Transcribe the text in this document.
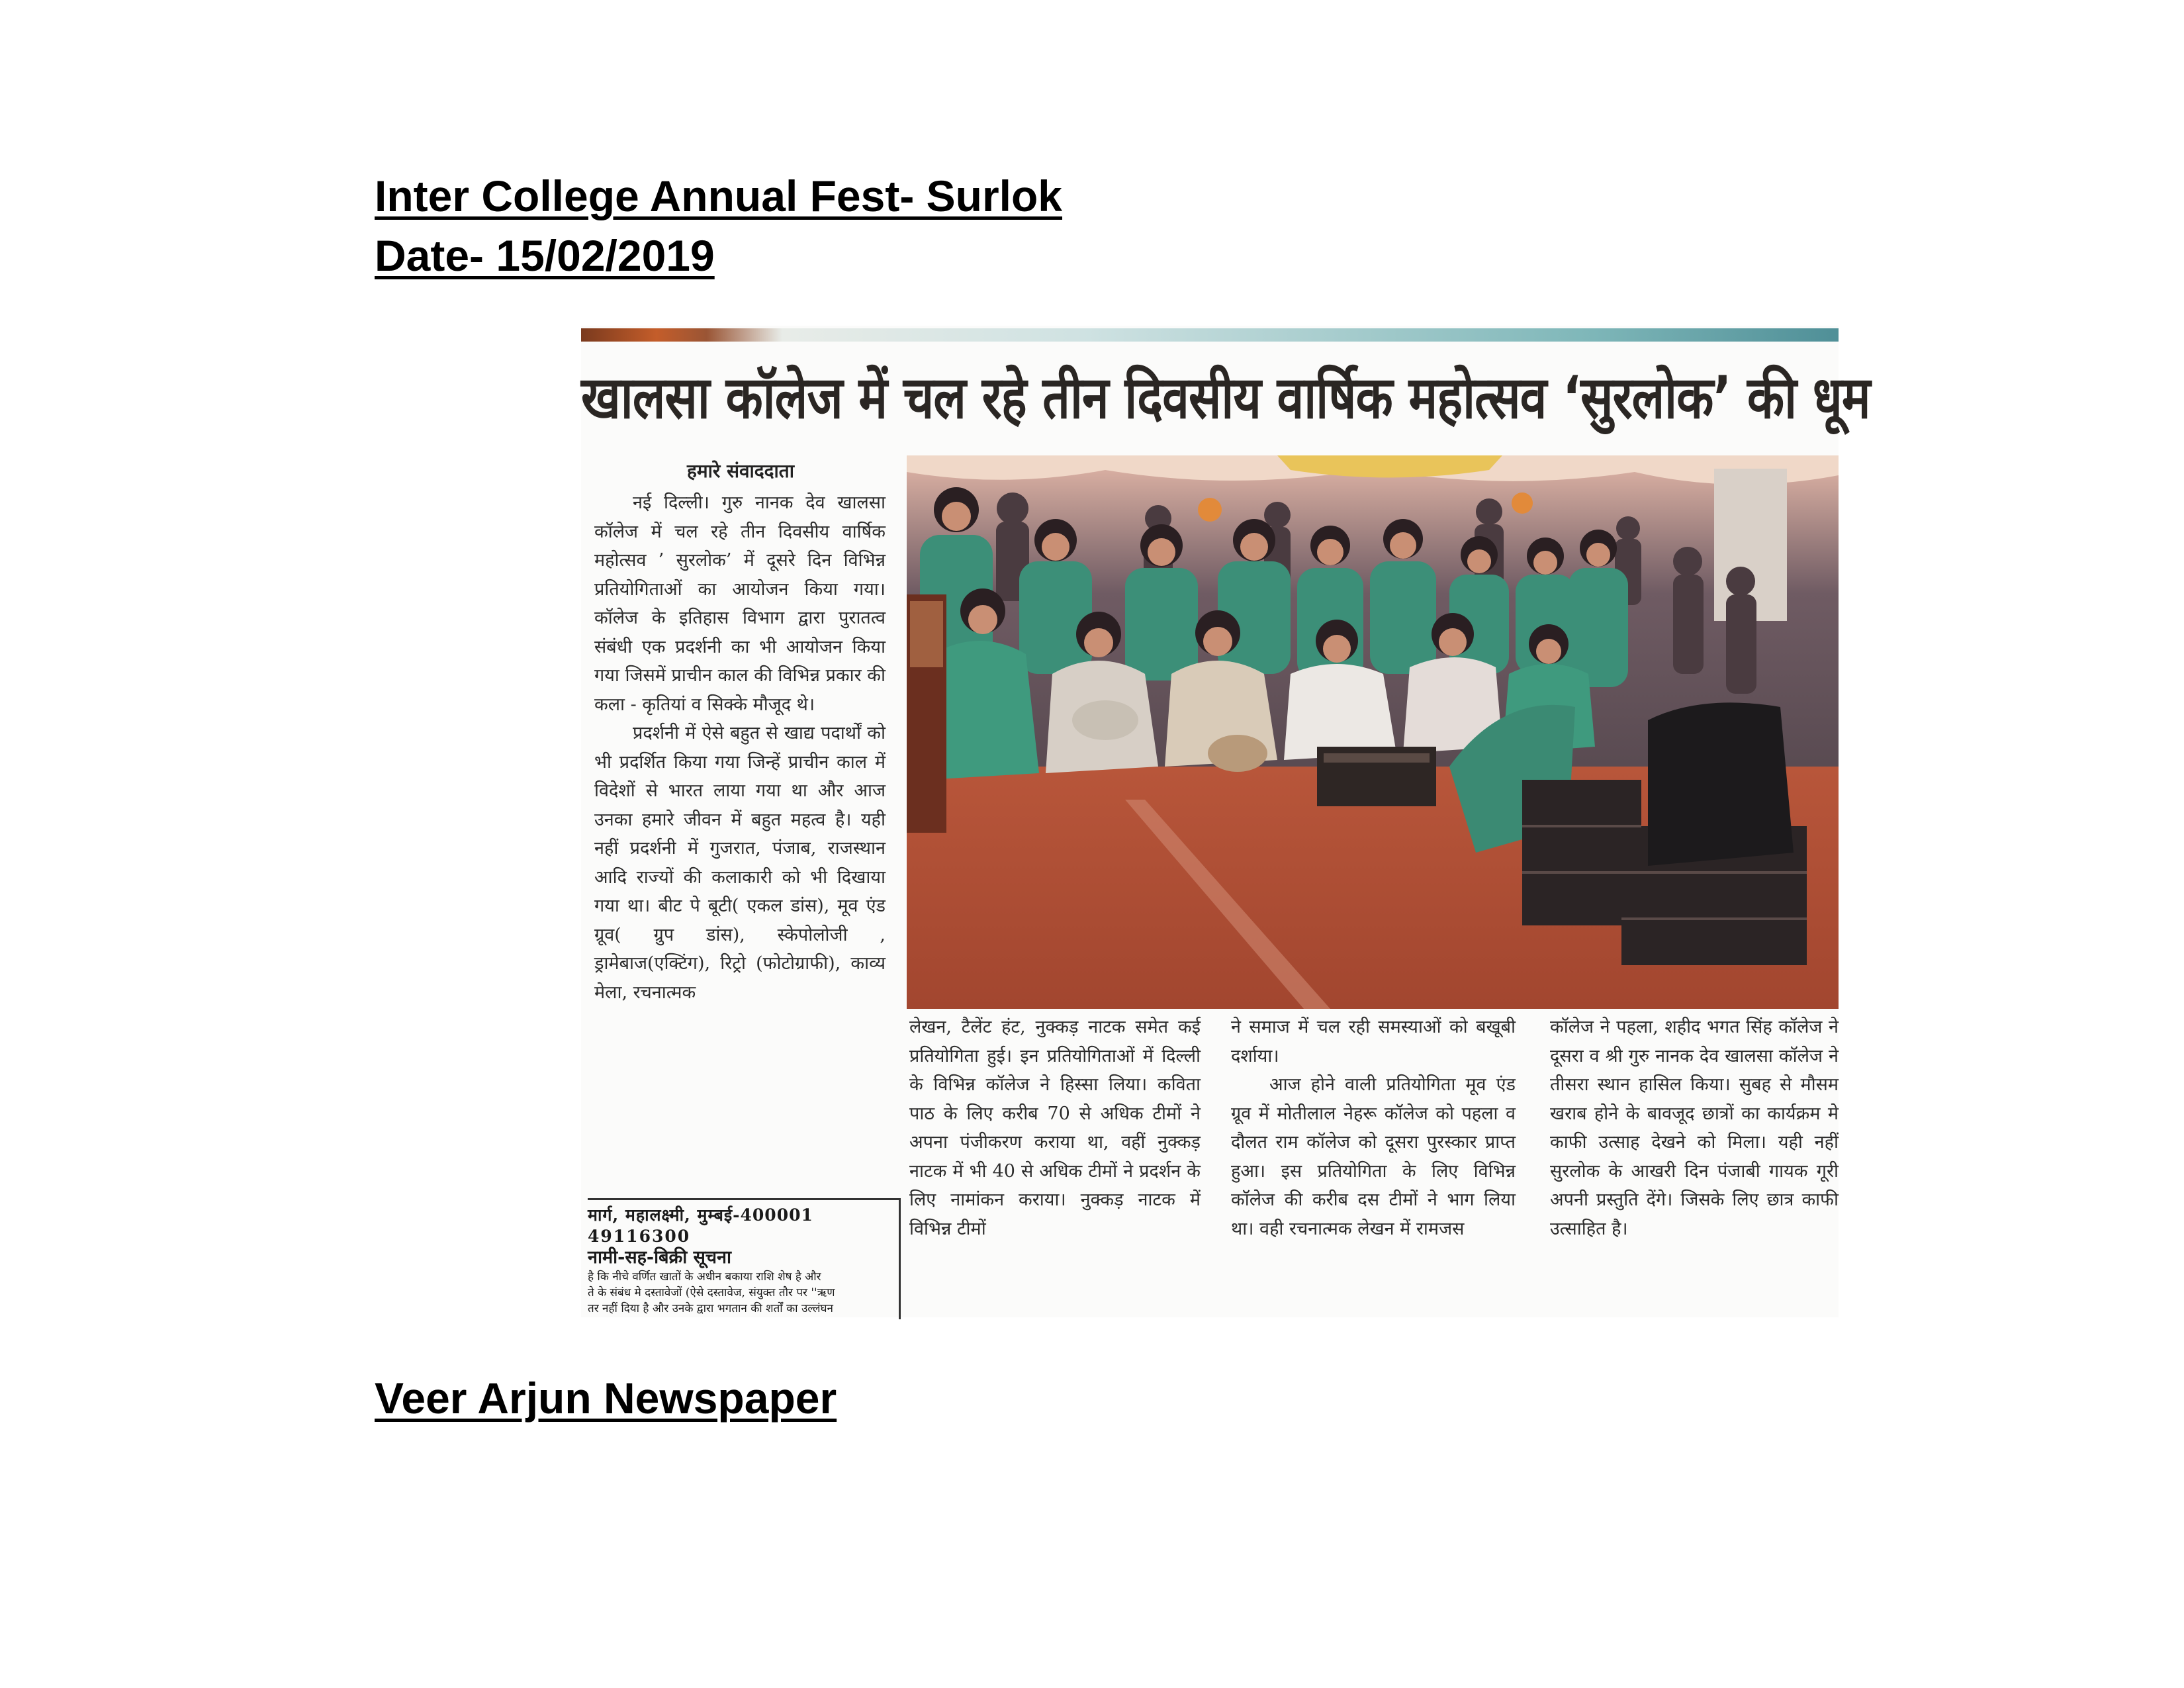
Inter College Annual Fest- Surlok
Date- 15/02/2019
खालसा कॉलेज में चल रहे तीन दिवसीय वार्षिक महोत्सव ‘सुरलोक’ की धूम
हमारे संवाददाता

नई दिल्ली। गुरु नानक देव खालसा कॉलेज में चल रहे तीन दिवसीय वार्षिक महोत्सव ’ सुरलोक’ में दूसरे दिन विभिन्न प्रतियोगिताओं का आयोजन किया गया। कॉलेज के इतिहास विभाग द्वारा पुरातत्व संबंधी एक प्रदर्शनी का भी आयोजन किया गया जिसमें प्राचीन काल की विभिन्न प्रकार की कला - कृतियां व सिक्के मौजूद थे।

प्रदर्शनी में ऐसे बहुत से खाद्य पदार्थों को भी प्रदर्शित किया गया जिन्हें प्राचीन काल में विदेशों से भारत लाया गया था और आज उनका हमारे जीवन में बहुत महत्व है। यही नहीं प्रदर्शनी में गुजरात, पंजाब, राजस्थान आदि राज्यों की कलाकारी को भी दिखाया गया था। बीट पे बूटी( एकल डांस), मूव एंड ग्रूव( ग्रुप डांस), स्केपोलोजी , ड्रामेबाज(एक्टिंग), रिट्रो (फोटोग्राफी), काव्य मेला, रचनात्मक

मार्ग, महालक्ष्मी, मुम्बई-400001
49116300
नामी-सह-बिक्री सूचना
है कि नीचे वर्णित खातों के अधीन बकाया राशि शेष है और
ते के संबंध मे दस्तावेजों (ऐसे दस्तावेज, संयुक्त तौर पर ''ऋण
तर नहीं दिया है और उनके द्वारा भगतान की शर्तों का उल्लंघन
लेखन, टैलेंट हंट, नुक्कड़ नाटक समेत कई प्रतियोगिता हुई। इन प्रतियोगिताओं में दिल्ली के विभिन्न कॉलेज ने हिस्सा लिया। कविता पाठ के लिए करीब 70 से अधिक टीमों ने अपना पंजीकरण कराया था, वहीं नुक्कड़ नाटक में भी 40 से अधिक टीमों ने प्रदर्शन के लिए नामांकन कराया। नुक्कड़ नाटक में विभिन्न टीमों
ने समाज में चल रही समस्याओं को बखूबी दर्शाया।
आज होने वाली प्रतियोगिता मूव एंड ग्रूव में मोतीलाल नेहरू कॉलेज को पहला व दौलत राम कॉलेज को दूसरा पुरस्कार प्राप्त हुआ। इस प्रतियोगिता के लिए विभिन्न कॉलेज की करीब दस टीमों ने भाग लिया था। वही रचनात्मक लेखन में रामजस
कॉलेज ने पहला, शहीद भगत सिंह कॉलेज ने दूसरा व श्री गुरु नानक देव खालसा कॉलेज ने तीसरा स्थान हासिल किया। सुबह से मौसम खराब होने के बावजूद छात्रों का कार्यक्रम मे काफी उत्साह देखने को मिला। यही नहीं सुरलोक के आखरी दिन पंजाबी गायक गूरी अपनी प्रस्तुति देंगे। जिसके लिए छात्र काफी उत्साहित है।
Veer Arjun Newspaper
